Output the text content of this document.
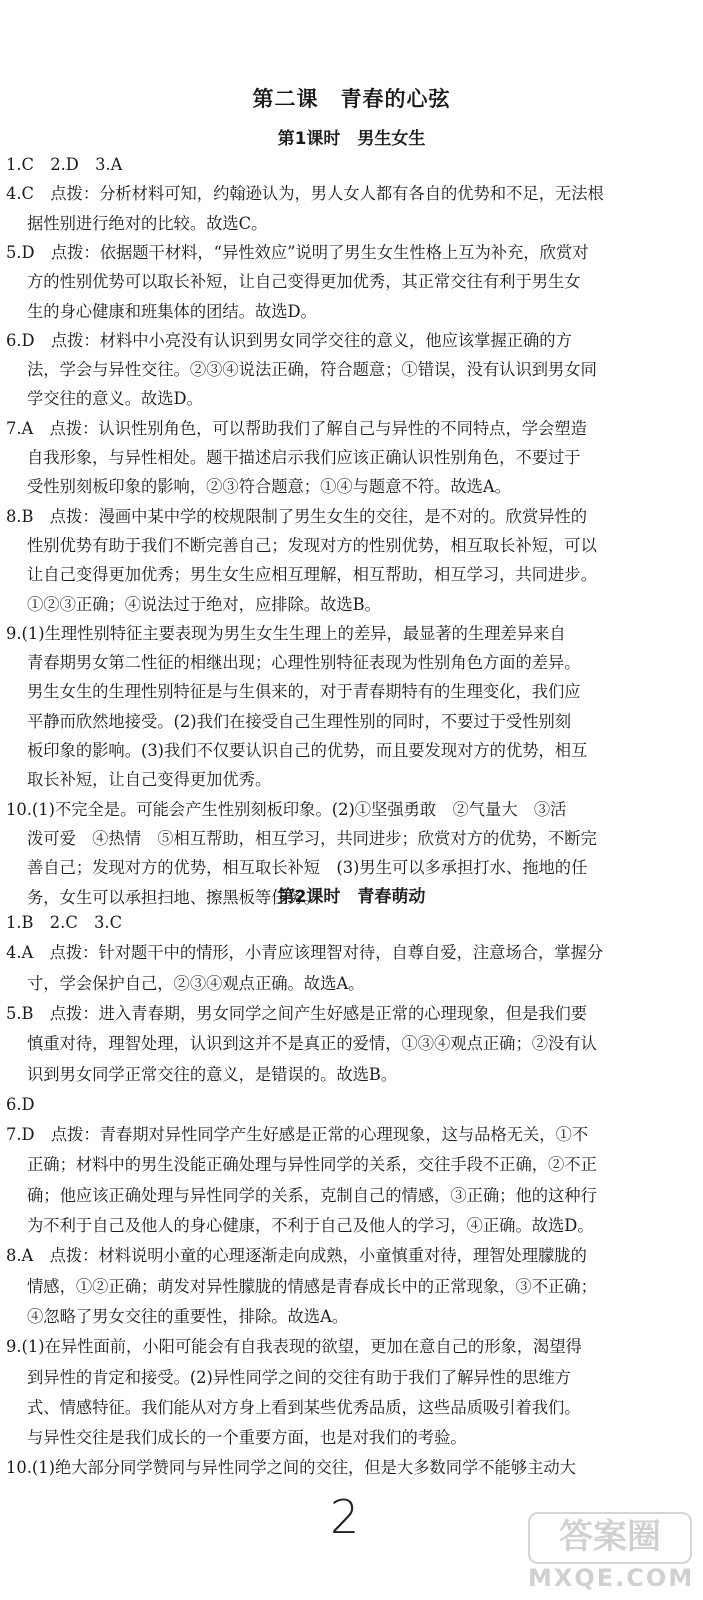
第二课　青春的心弦
第1课时　男生女生
1.C　2.D　3.A
4.C　点拨：分析材料可知，约翰逊认为，男人女人都有各自的优势和不足，无法根
据性别进行绝对的比较。故选C。
5.D　点拨：依据题干材料，“异性效应”说明了男生女生性格上互为补充，欣赏对
方的性别优势可以取长补短，让自己变得更加优秀，其正常交往有利于男生女
生的身心健康和班集体的团结。故选D。
6.D　点拨：材料中小亮没有认识到男女同学交往的意义，他应该掌握正确的方
法，学会与异性交往。②③④说法正确，符合题意；①错误，没有认识到男女同
学交往的意义。故选D。
7.A　点拨：认识性别角色，可以帮助我们了解自己与异性的不同特点，学会塑造
自我形象，与异性相处。题干描述启示我们应该正确认识性别角色，不要过于
受性别刻板印象的影响，②③符合题意；①④与题意不符。故选A。
8.B　点拨：漫画中某中学的校规限制了男生女生的交往，是不对的。欣赏异性的
性别优势有助于我们不断完善自己；发现对方的性别优势，相互取长补短，可以
让自己变得更加优秀；男生女生应相互理解，相互帮助，相互学习，共同进步。
①②③正确；④说法过于绝对，应排除。故选B。
9.(1)生理性别特征主要表现为男生女生生理上的差异，最显著的生理差异来自
青春期男女第二性征的相继出现；心理性别特征表现为性别角色方面的差异。
男生女生的生理性别特征是与生俱来的，对于青春期特有的生理变化，我们应
平静而欣然地接受。(2)我们在接受自己生理性别的同时，不要过于受性别刻
板印象的影响。(3)我们不仅要认识自己的优势，而且要发现对方的优势，相互
取长补短，让自己变得更加优秀。
10.(1)不完全是。可能会产生性别刻板印象。(2)①坚强勇敢　②气量大　③活
泼可爱　④热情　⑤相互帮助，相互学习，共同进步；欣赏对方的优势，不断完
善自己；发现对方的优势，相互取长补短　(3)男生可以多承担打水、拖地的任
务，女生可以承担扫地、擦黑板等任务。
第2课时　青春萌动
1.B　2.C　3.C
4.A　点拨：针对题干中的情形，小青应该理智对待，自尊自爱，注意场合，掌握分
寸，学会保护自己，②③④观点正确。故选A。
5.B　点拨：进入青春期，男女同学之间产生好感是正常的心理现象，但是我们要
慎重对待，理智处理，认识到这并不是真正的爱情，①③④观点正确；②没有认
识到男女同学正常交往的意义，是错误的。故选B。
6.D
7.D　点拨：青春期对异性同学产生好感是正常的心理现象，这与品格无关，①不
正确；材料中的男生没能正确处理与异性同学的关系，交往手段不正确，②不正
确；他应该正确处理与异性同学的关系，克制自己的情感，③正确；他的这种行
为不利于自己及他人的身心健康，不利于自己及他人的学习，④正确。故选D。
8.A　点拨：材料说明小童的心理逐渐走向成熟，小童慎重对待，理智处理朦胧的
情感，①②正确；萌发对异性朦胧的情感是青春成长中的正常现象，③不正确；
④忽略了男女交往的重要性，排除。故选A。
9.(1)在异性面前，小阳可能会有自我表现的欲望，更加在意自己的形象，渴望得
到异性的肯定和接受。(2)异性同学之间的交往有助于我们了解异性的思维方
式、情感特征。我们能从对方身上看到某些优秀品质，这些品质吸引着我们。
与异性交往是我们成长的一个重要方面，也是对我们的考验。
10.(1)绝大部分同学赞同与异性同学之间的交往，但是大多数同学不能够主动大
2	答案圈
MXQE.COM
